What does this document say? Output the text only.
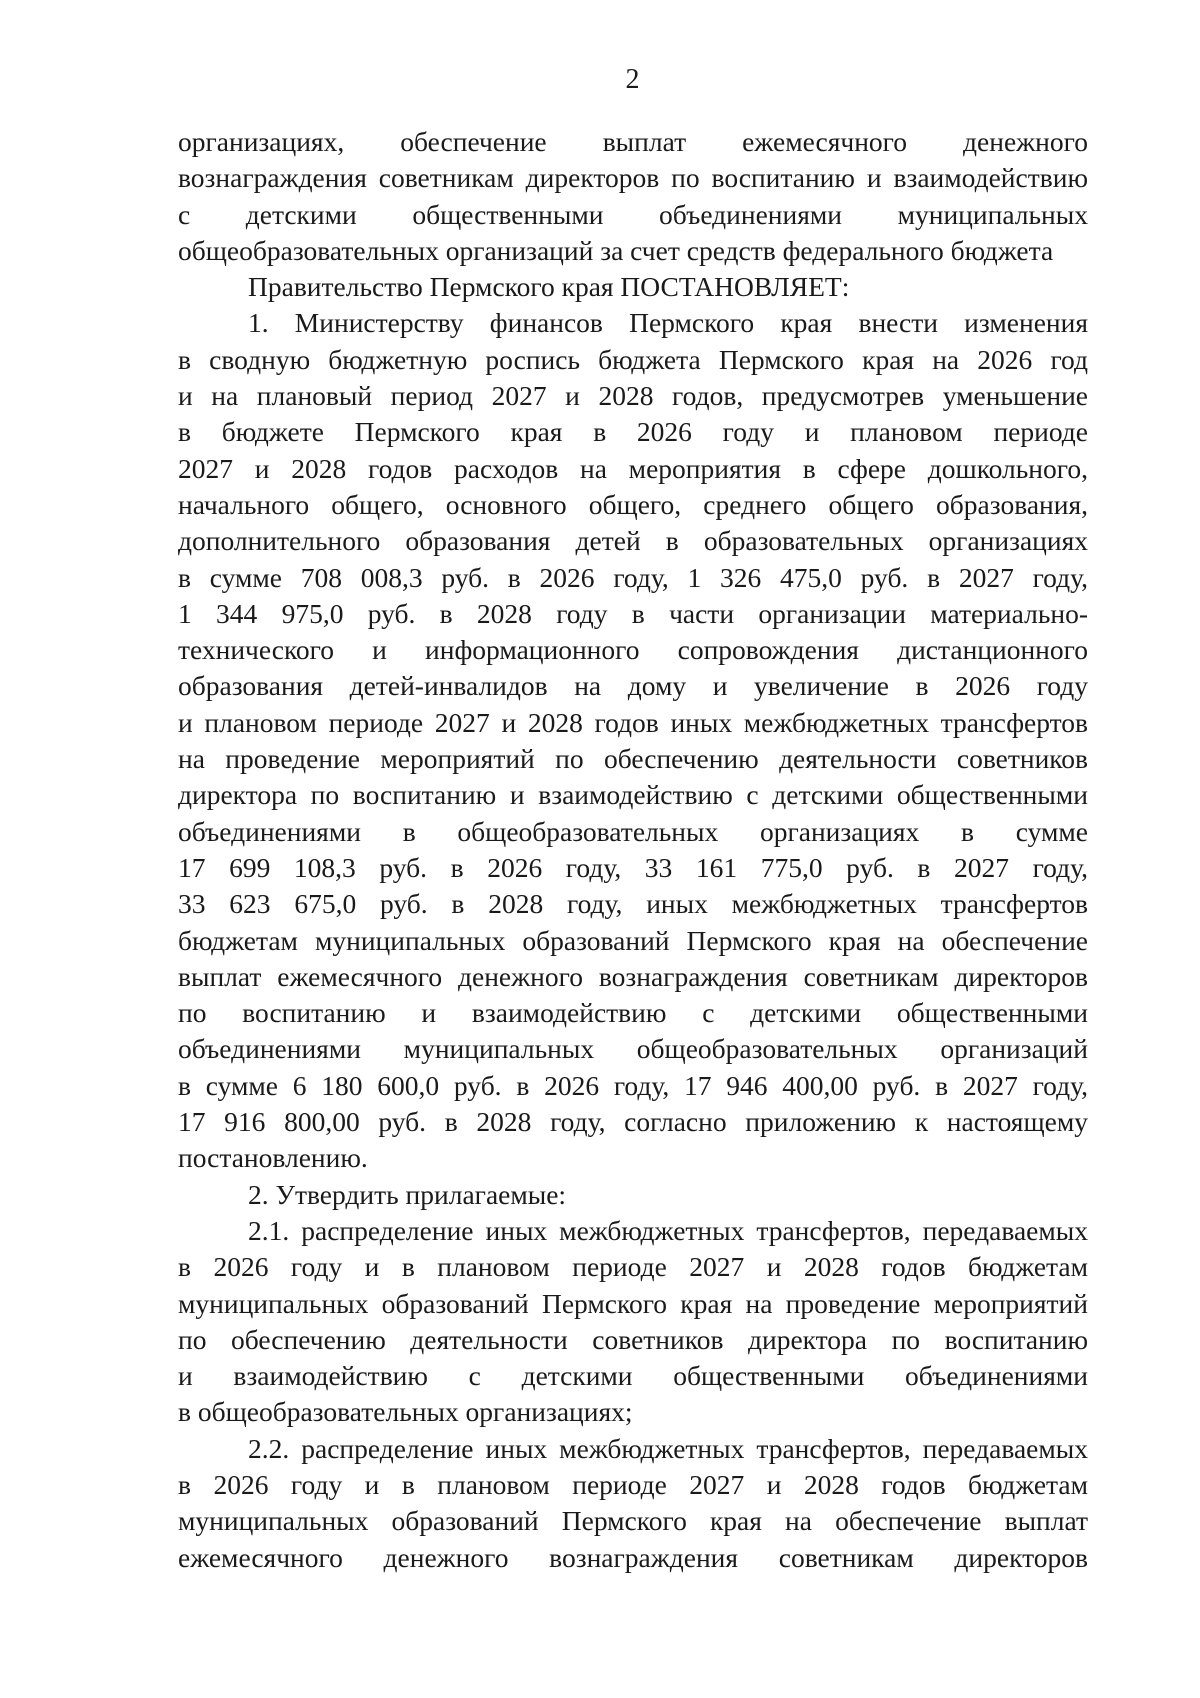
2
организациях, обеспечение выплат ежемесячного денежного
вознаграждения советникам директоров по воспитанию и взаимодействию
с детскими общественными объединениями муниципальных
общеобразовательных организаций за счет средств федерального бюджета
Правительство Пермского края ПОСТАНОВЛЯЕТ:
1. Министерству финансов Пермского края внести изменения
в сводную бюджетную роспись бюджета Пермского края на 2026 год
и на плановый период 2027 и 2028 годов, предусмотрев уменьшение
в бюджете Пермского края в 2026 году и плановом периоде
2027 и 2028 годов расходов на мероприятия в сфере дошкольного,
начального общего, основного общего, среднего общего образования,
дополнительного образования детей в образовательных организациях
в сумме 708 008,3 руб. в 2026 году, 1 326 475,0 руб. в 2027 году,
1 344 975,0 руб. в 2028 году в части организации материально-
технического и информационного сопровождения дистанционного
образования детей-инвалидов на дому и увеличение в 2026 году
и плановом периоде 2027 и 2028 годов иных межбюджетных трансфертов
на проведение мероприятий по обеспечению деятельности советников
директора по воспитанию и взаимодействию с детскими общественными
объединениями в общеобразовательных организациях в сумме
17 699 108,3 руб. в 2026 году, 33 161 775,0 руб. в 2027 году,
33 623 675,0 руб. в 2028 году, иных межбюджетных трансфертов
бюджетам муниципальных образований Пермского края на обеспечение
выплат ежемесячного денежного вознаграждения советникам директоров
по воспитанию и взаимодействию с детскими общественными
объединениями муниципальных общеобразовательных организаций
в сумме 6 180 600,0 руб. в 2026 году, 17 946 400,00 руб. в 2027 году,
17 916 800,00 руб. в 2028 году, согласно приложению к настоящему
постановлению.
2. Утвердить прилагаемые:
2.1. распределение иных межбюджетных трансфертов, передаваемых
в 2026 году и в плановом периоде 2027 и 2028 годов бюджетам
муниципальных образований Пермского края на проведение мероприятий
по обеспечению деятельности советников директора по воспитанию
и взаимодействию с детскими общественными объединениями
в общеобразовательных организациях;
2.2. распределение иных межбюджетных трансфертов, передаваемых
в 2026 году и в плановом периоде 2027 и 2028 годов бюджетам
муниципальных образований Пермского края на обеспечение выплат
ежемесячного денежного вознаграждения советникам директоров
